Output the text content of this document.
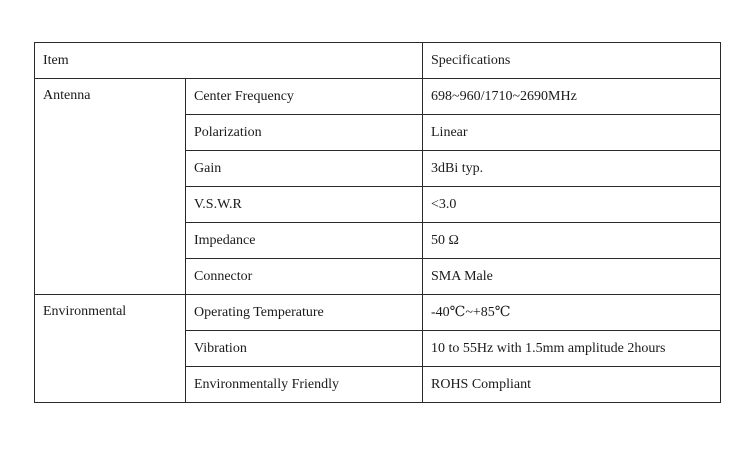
Item		Specifications
Antenna	Center Frequency	698~960/1710~2690MHz
	Polarization	Linear
	Gain	3dBi typ.
	V.S.W.R	<3.0
	Impedance	50 Ω
	Connector	SMA Male
Environmental	Operating Temperature	-40℃~+85℃
	Vibration	10 to 55Hz with 1.5mm amplitude 2hours
	Environmentally Friendly	ROHS Compliant
